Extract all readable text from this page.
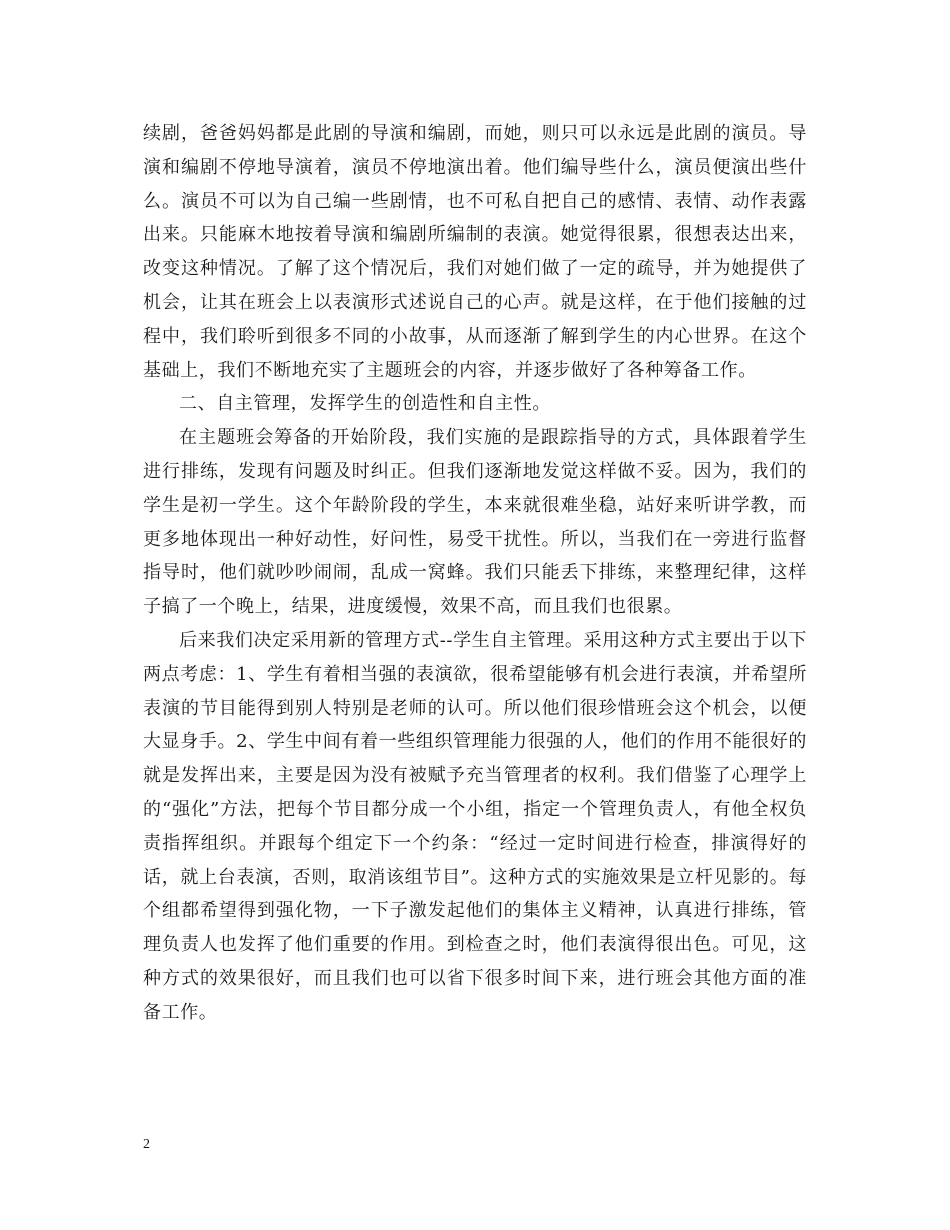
续剧，爸爸妈妈都是此剧的导演和编剧，而她，则只可以永远是此剧的演员。导演和编剧不停地导演着，演员不停地演出着。他们编导些什么，演员便演出些什么。演员不可以为自己编一些剧情，也不可私自把自己的感情、表情、动作表露出来。只能麻木地按着导演和编剧所编制的表演。她觉得很累，很想表达出来，改变这种情况。了解了这个情况后，我们对她们做了一定的疏导，并为她提供了机会，让其在班会上以表演形式述说自己的心声。就是这样，在于他们接触的过程中，我们聆听到很多不同的小故事，从而逐渐了解到学生的内心世界。在这个基础上，我们不断地充实了主题班会的内容，并逐步做好了各种筹备工作。

二、自主管理，发挥学生的创造性和自主性。

在主题班会筹备的开始阶段，我们实施的是跟踪指导的方式，具体跟着学生进行排练，发现有问题及时纠正。但我们逐渐地发觉这样做不妥。因为，我们的学生是初一学生。这个年龄阶段的学生，本来就很难坐稳，站好来听讲学教，而更多地体现出一种好动性，好问性，易受干扰性。所以，当我们在一旁进行监督指导时，他们就吵吵闹闹，乱成一窝蜂。我们只能丢下排练，来整理纪律，这样子搞了一个晚上，结果，进度缓慢，效果不高，而且我们也很累。

后来我们决定采用新的管理方式--学生自主管理。采用这种方式主要出于以下两点考虑：1、学生有着相当强的表演欲，很希望能够有机会进行表演，并希望所表演的节目能得到别人特别是老师的认可。所以他们很珍惜班会这个机会，以便大显身手。2、学生中间有着一些组织管理能力很强的人，他们的作用不能很好的就是发挥出来，主要是因为没有被赋予充当管理者的权利。我们借鉴了心理学上的“强化”方法，把每个节目都分成一个小组，指定一个管理负责人，有他全权负责指挥组织。并跟每个组定下一个约条：“经过一定时间进行检查，排演得好的话，就上台表演，否则，取消该组节目”。这种方式的实施效果是立杆见影的。每个组都希望得到强化物，一下子激发起他们的集体主义精神，认真进行排练，管理负责人也发挥了他们重要的作用。到检查之时，他们表演得很出色。可见，这种方式的效果很好，而且我们也可以省下很多时间下来，进行班会其他方面的准备工作。

2
